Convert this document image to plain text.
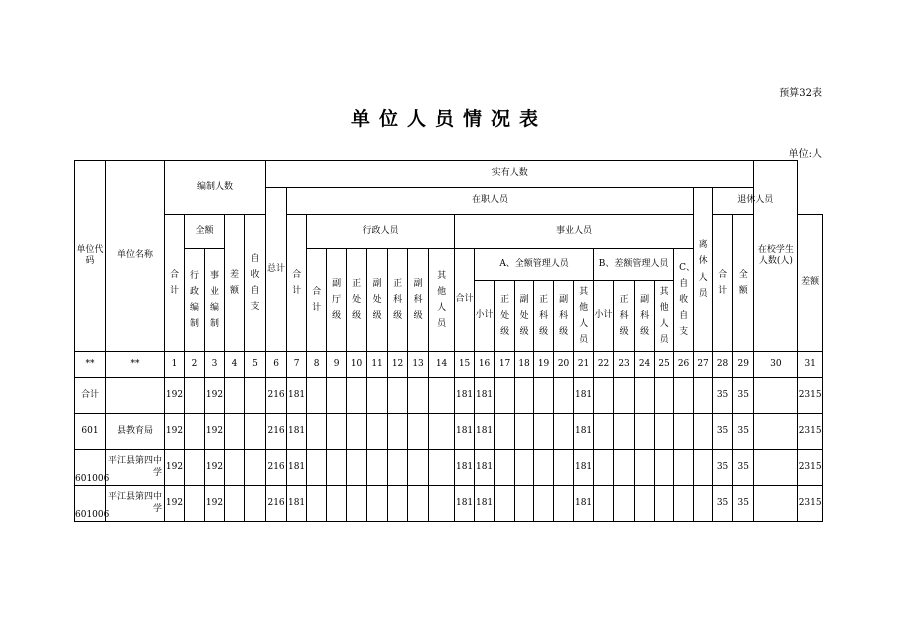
预算32表
单位人员情况表
单位:人
单位代码	单位名称	编制人数					实有人数																								在校学生人数(人)	
							总计	在职人员																				离休人员	退休人员			
		合计	全额		差额	自收自支		合计	行政人员							事业人员													合计	全额		差额
			行政编制	事业编制					合计	副厅级	正处级	副处级	正科级	副科级	其他人员	合计	A、全额管理人员						B、差额管理人员				C、自收自支					
																	小计	正处级	副处级	正科级	副科级	其他人员	小计	正科级	副科级	其他人员						

**	**	1	2	3	4	5	6	7	8	9	10	11	12	13	14	15	16	17	18	19	20	21	22	23	24	25	26	27	28	29	30	31
合计		192		192			216	181								181	181					181							35	35		2315
601	县教育局	192		192			216	181								181	181					181							35	35		2315
601006	平江县第四中学	192		192			216	181								181	181					181							35	35		2315
601006	平江县第四中学	192		192			216	181								181	181					181							35	35		2315
